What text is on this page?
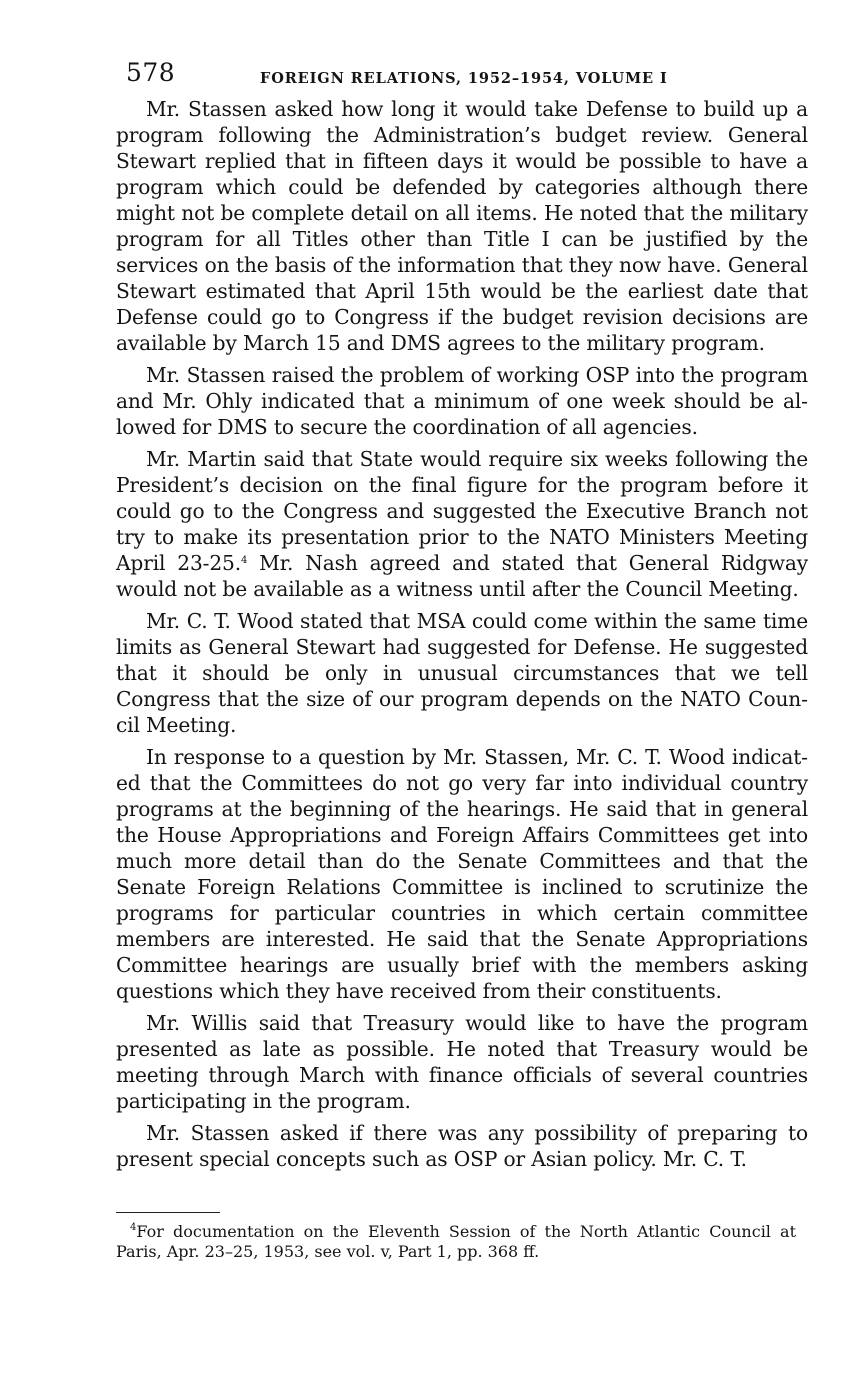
578	FOREIGN RELATIONS, 1952–1954, VOLUME I

Mr. Stassen asked how long it would take Defense to build up a program following the Administration’s budget review. General Stewart replied that in fifteen days it would be possible to have a program which could be defended by categories although there might not be complete detail on all items. He noted that the military program for all Titles other than Title I can be justified by the services on the basis of the information that they now have. General Stewart estimated that April 15th would be the earliest date that Defense could go to Congress if the budget revision decisions are available by March 15 and DMS agrees to the military program.

Mr. Stassen raised the problem of working OSP into the program and Mr. Ohly indicated that a minimum of one week should be allowed for DMS to secure the coordination of all agencies.

Mr. Martin said that State would require six weeks following the President’s decision on the final figure for the program before it could go to the Congress and suggested the Executive Branch not try to make its presentation prior to the NATO Ministers Meeting April 23-25.$^4$ Mr. Nash agreed and stated that General Ridgway would not be available as a witness until after the Council Meeting.

Mr. C. T. Wood stated that MSA could come within the same time limits as General Stewart had suggested for Defense. He suggested that it should be only in unusual circumstances that we tell Congress that the size of our program depends on the NATO Council Meeting.

In response to a question by Mr. Stassen, Mr. C. T. Wood indicated that the Committees do not go very far into individual country programs at the beginning of the hearings. He said that in general the House Appropriations and Foreign Affairs Committees get into much more detail than do the Senate Committees and that the Senate Foreign Relations Committee is inclined to scrutinize the programs for particular countries in which certain committee members are interested. He said that the Senate Appropriations Committee hearings are usually brief with the members asking questions which they have received from their constituents.

Mr. Willis said that Treasury would like to have the program presented as late as possible. He noted that Treasury would be meeting through March with finance officials of several countries participating in the program.

Mr. Stassen asked if there was any possibility of preparing to present special concepts such as OSP or Asian policy. Mr. C. T.

$^4$For documentation on the Eleventh Session of the North Atlantic Council at Paris, Apr. 23–25, 1953, see vol. v, Part 1, pp. 368 ff.
